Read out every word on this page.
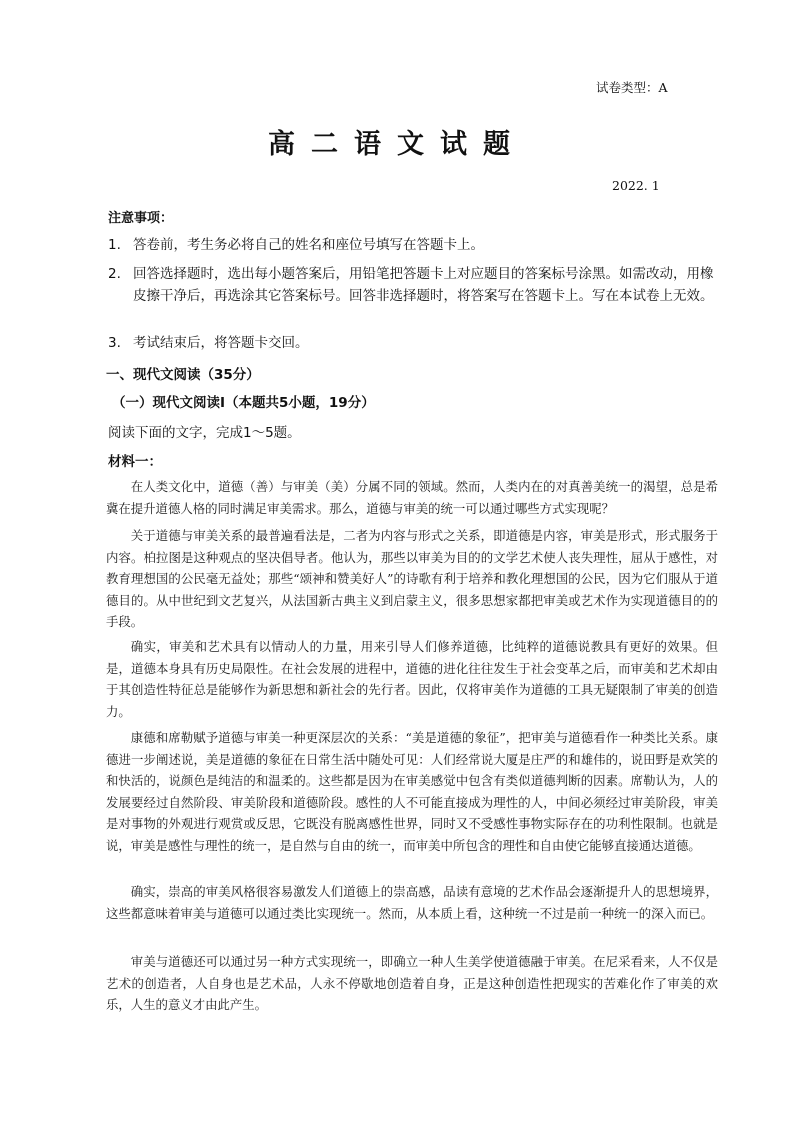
试卷类型：A
高二语文试题
2022. 1
注意事项：
1. 答卷前，考生务必将自己的姓名和座位号填写在答题卡上。
2. 回答选择题时，选出每小题答案后，用铅笔把答题卡上对应题目的答案标号涂黑。如需改动，用橡皮擦干净后，再选涂其它答案标号。回答非选择题时，将答案写在答题卡上。写在本试卷上无效。
3. 考试结束后，将答题卡交回。
一、现代文阅读（35分）
（一）现代文阅读Ⅰ（本题共5小题，19分）
阅读下面的文字，完成1～5题。
材料一：
在人类文化中，道德（善）与审美（美）分属不同的领域。然而，人类内在的对真善美统一的渴望，总是希冀在提升道德人格的同时满足审美需求。那么，道德与审美的统一可以通过哪些方式实现呢？
关于道德与审美关系的最普遍看法是，二者为内容与形式之关系，即道德是内容，审美是形式，形式服务于内容。柏拉图是这种观点的坚决倡导者。他认为，那些以审美为目的的文学艺术使人丧失理性，屈从于感性，对教育理想国的公民毫无益处；那些“颂神和赞美好人”的诗歌有利于培养和教化理想国的公民，因为它们服从于道德目的。从中世纪到文艺复兴，从法国新古典主义到启蒙主义，很多思想家都把审美或艺术作为实现道德目的的手段。
确实，审美和艺术具有以情动人的力量，用来引导人们修养道德，比纯粹的道德说教具有更好的效果。但是，道德本身具有历史局限性。在社会发展的进程中，道德的进化往往发生于社会变革之后，而审美和艺术却由于其创造性特征总是能够作为新思想和新社会的先行者。因此，仅将审美作为道德的工具无疑限制了审美的创造力。
康德和席勒赋予道德与审美一种更深层次的关系：“美是道德的象征”，把审美与道德看作一种类比关系。康德进一步阐述说，美是道德的象征在日常生活中随处可见：人们经常说大厦是庄严的和雄伟的，说田野是欢笑的和快活的，说颜色是纯洁的和温柔的。这些都是因为在审美感觉中包含有类似道德判断的因素。席勒认为，人的发展要经过自然阶段、审美阶段和道德阶段。感性的人不可能直接成为理性的人，中间必须经过审美阶段，审美是对事物的外观进行观赏或反思，它既没有脱离感性世界，同时又不受感性事物实际存在的功利性限制。也就是说，审美是感性与理性的统一，是自然与自由的统一，而审美中所包含的理性和自由使它能够直接通达道德。
确实，崇高的审美风格很容易激发人们道德上的崇高感，品读有意境的艺术作品会逐渐提升人的思想境界，这些都意味着审美与道德可以通过类比实现统一。然而，从本质上看，这种统一不过是前一种统一的深入而已。
审美与道德还可以通过另一种方式实现统一，即确立一种人生美学使道德融于审美。在尼采看来，人不仅是艺术的创造者，人自身也是艺术品，人永不停歇地创造着自身，正是这种创造性把现实的苦难化作了审美的欢乐，人生的意义才由此产生。
